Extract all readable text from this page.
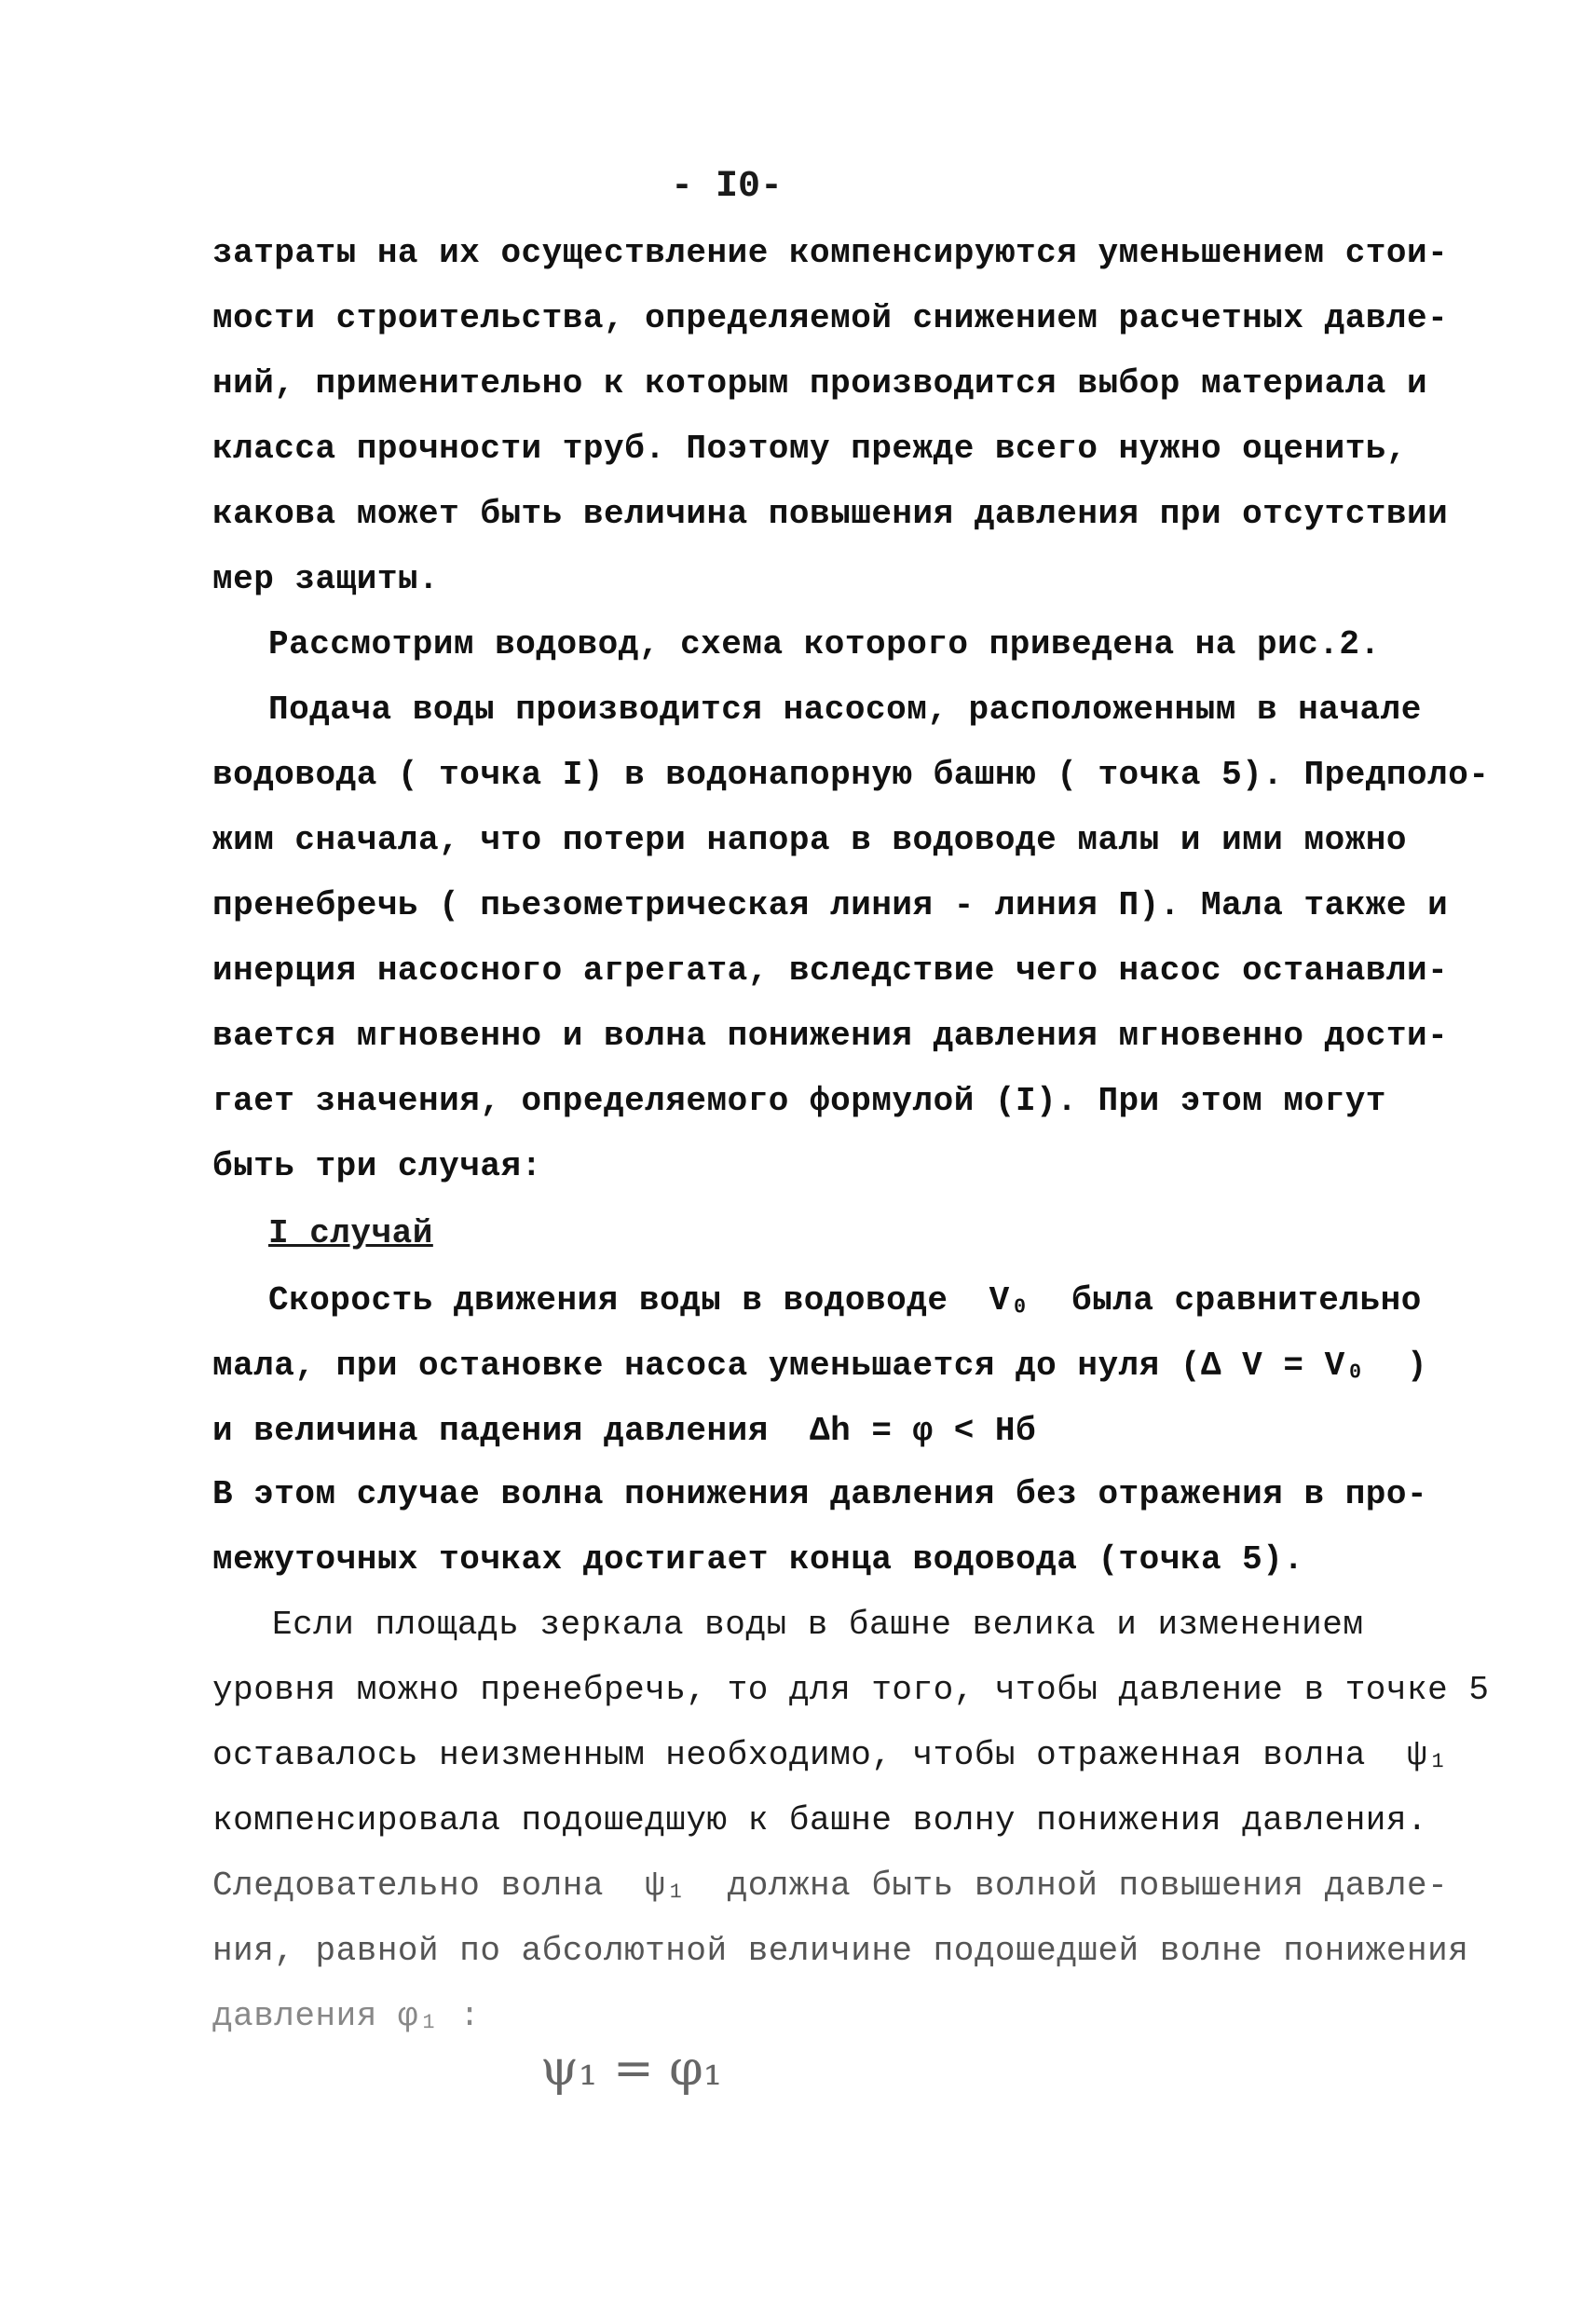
- I0-
затраты на их осуществление компенсируются уменьшением стои-
мости строительства, определяемой снижением расчетных давле-
ний, применительно к которым производится выбор материала и
класса прочности труб. Поэтому прежде всего нужно оценить,
какова может быть величина повышения давления при отсутствии
мер защиты.
Рассмотрим водовод, схема которого приведена на рис.2.
Подача воды производится насосом, расположенным в начале
водовода ( точка I) в водонапорную башню ( точка 5). Предполо-
жим сначала, что потери напора в водоводе малы и ими можно
пренебречь ( пьезометрическая линия - линия П). Мала также и
инерция насосного агрегата, вследствие чего насос останавли-
вается мгновенно и волна понижения давления мгновенно дости-
гает значения, определяемого формулой (I). При этом могут
быть три случая:
I случай
Скорость движения воды в водоводе  V₀  была сравнительно
мала, при остановке насоса уменьшается до нуля (Δ V = V₀  )
и величина падения давления  Δh = φ < Hб
В этом случае волна понижения давления без отражения в про-
межуточных точках достигает конца водовода (точка 5).
Если площадь зеркала воды в башне велика и изменением
уровня можно пренебречь, то для того, чтобы давление в точке 5
оставалось неизменным необходимо, чтобы отраженная волна  ψ₁
компенсировала подошедшую к башне волну понижения давления.
Следовательно волна  ψ₁  должна быть волной повышения давле-
ния, равной по абсолютной величине подошедшей волне понижения
давления φ₁ :
ψ₁ = φ₁
